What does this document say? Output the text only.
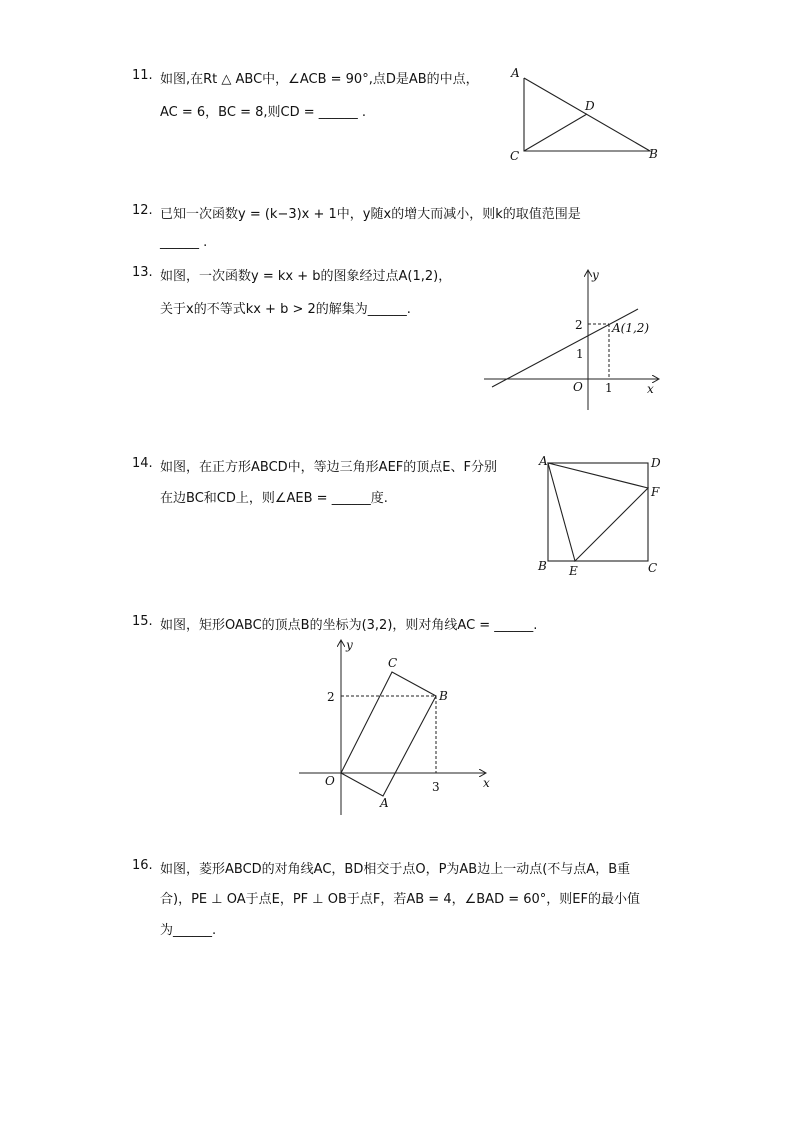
11. 如图,在Rt △ ABC中，∠ACB = 90°,点D是AB的中点，
AC = 6，BC = 8,则CD = ______ .
A
D
C	B
12. 已知一次函数y = (k−3)x + 1中，y随x的增大而减小，则k的取值范围是
______ .
13. 如图，一次函数y = kx + b的图象经过点A(1,2)，
关于x的不等式kx + b > 2的解集为______.
y
x
O
2
1
1
A(1,2)
14. 如图，在正方形ABCD中，等边三角形AEF的顶点E、F分别
在边BC和CD上，则∠AEB = ______度.
A	D
F
B E	C
15. 如图，矩形OABC的顶点B的坐标为(3,2)，则对角线AC = ______.
y
x
O
A
B
C
2
3
16. 如图，菱形ABCD的对角线AC，BD相交于点O，P为AB边上一动点(不与点A，B重
合)，PE ⊥ OA于点E，PF ⊥ OB于点F，若AB = 4，∠BAD = 60°，则EF的最小值
为______.
